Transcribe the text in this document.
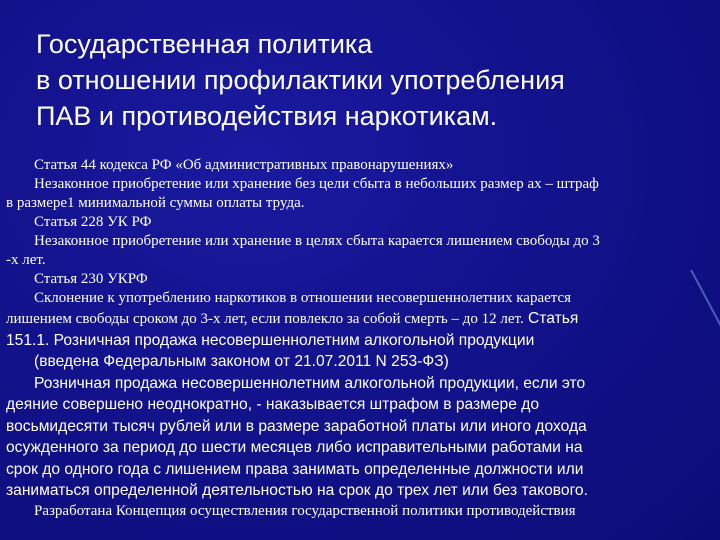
Государственная политика
в отношении профилактики употребления
ПАВ и противодействия наркотикам.

Статья 44 кодекса РФ «Об административных правонарушениях»

Незаконное приобретение или хранение без цели сбыта в небольших размер ах – штраф

в размере1 минимальной суммы оплаты труда.

Статья 228 УК РФ

Незаконное приобретение или хранение в целях сбыта карается лишением свободы до 3

-х лет.

Статья 230 УКРФ

Склонение к употреблению наркотиков в отношении несовершеннолетних карается

лишением свободы сроком до 3-х лет, если повлекло за собой смерть – до 12 лет. Статья

151.1. Розничная продажа несовершеннолетним алкогольной продукции

(введена Федеральным законом от 21.07.2011 N 253-ФЗ)

Розничная продажа несовершеннолетним алкогольной продукции, если это

деяние совершено неоднократно, - наказывается штрафом в размере до

восьмидесяти тысяч рублей или в размере заработной платы или иного дохода

осужденного за период до шести месяцев либо исправительными работами на

срок до одного года с лишением права занимать определенные должности или

заниматься определенной деятельностью на срок до трех лет или без такового.

Разработана Концепция осуществления государственной политики противодействия
